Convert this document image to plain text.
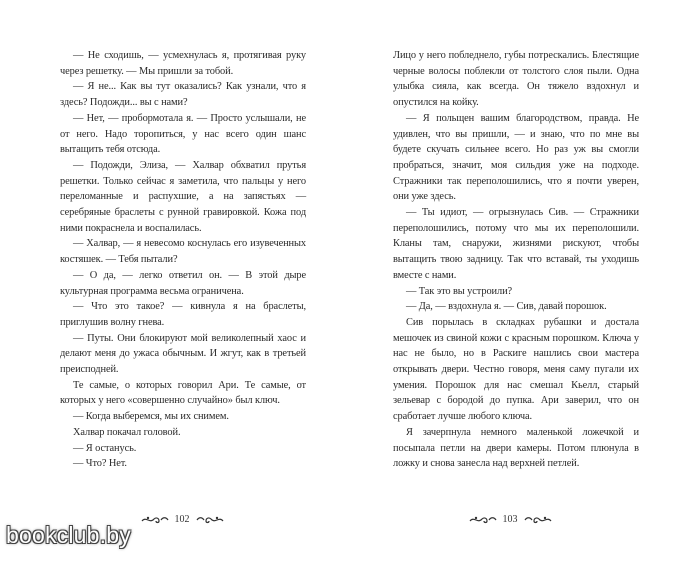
— Не сходишь, — усмехнулась я, протягивая руку через решетку. — Мы пришли за тобой.

— Я не... Как вы тут оказались? Как узнали, что я здесь? Подожди... вы с нами?

— Нет, — пробормотала я. — Просто услышали, не от него. Надо торопиться, у нас всего один шанс вытащить тебя отсюда.

— Подожди, Элиза, — Халвар обхватил прутья решетки. Только сейчас я заметила, что пальцы у него переломанные и распухшие, а на запястьях — серебряные браслеты с рунной гравировкой. Кожа под ними покраснела и воспалилась.

— Халвар, — я невесомо коснулась его изувеченных костяшек. — Тебя пытали?

— О да, — легко ответил он. — В этой дыре культурная программа весьма ограничена.

— Что это такое? — кивнула я на браслеты, приглушив волну гнева.

— Путы. Они блокируют мой великолепный хаос и делают меня до ужаса обычным. И жгут, как в третьей преисподней.

Те самые, о которых говорил Ари. Те самые, от которых у него «совершенно случайно» был ключ.

— Когда выберемся, мы их снимем.

Халвар покачал головой.

— Я останусь.

— Что? Нет.

Лицо у него побледнело, губы потрескались. Блестящие черные волосы поблекли от толстого слоя пыли. Одна улыбка сияла, как всегда. Он тяжело вздохнул и опустился на койку.

— Я польщен вашим благородством, правда. Не удивлен, что вы пришли, — и знаю, что по мне вы будете скучать сильнее всего. Но раз уж вы смогли пробраться, значит, моя сильдия уже на подходе. Стражники так переполошились, что я почти уверен, они уже здесь.

— Ты идиот, — огрызнулась Сив. — Стражники переполошились, потому что мы их переполошили. Кланы там, снаружи, жизнями рискуют, чтобы вытащить твою задницу. Так что вставай, ты уходишь вместе с нами.

— Так это вы устроили?

— Да, — вздохнула я. — Сив, давай порошок.

Сив порылась в складках рубашки и достала мешочек из свиной кожи с красным порошком. Ключа у нас не было, но в Раскиге нашлись свои мастера открывать двери. Честно говоря, меня саму пугали их умения. Порошок для нас смешал Кьелл, старый зельевар с бородой до пупка. Ари заверил, что он сработает лучше любого ключа.

Я зачерпнула немного маленькой ложечкой и посыпала петли на двери камеры. Потом плюнула в ложку и снова занесла над верхней петлей.

102	103
bookclub.by
